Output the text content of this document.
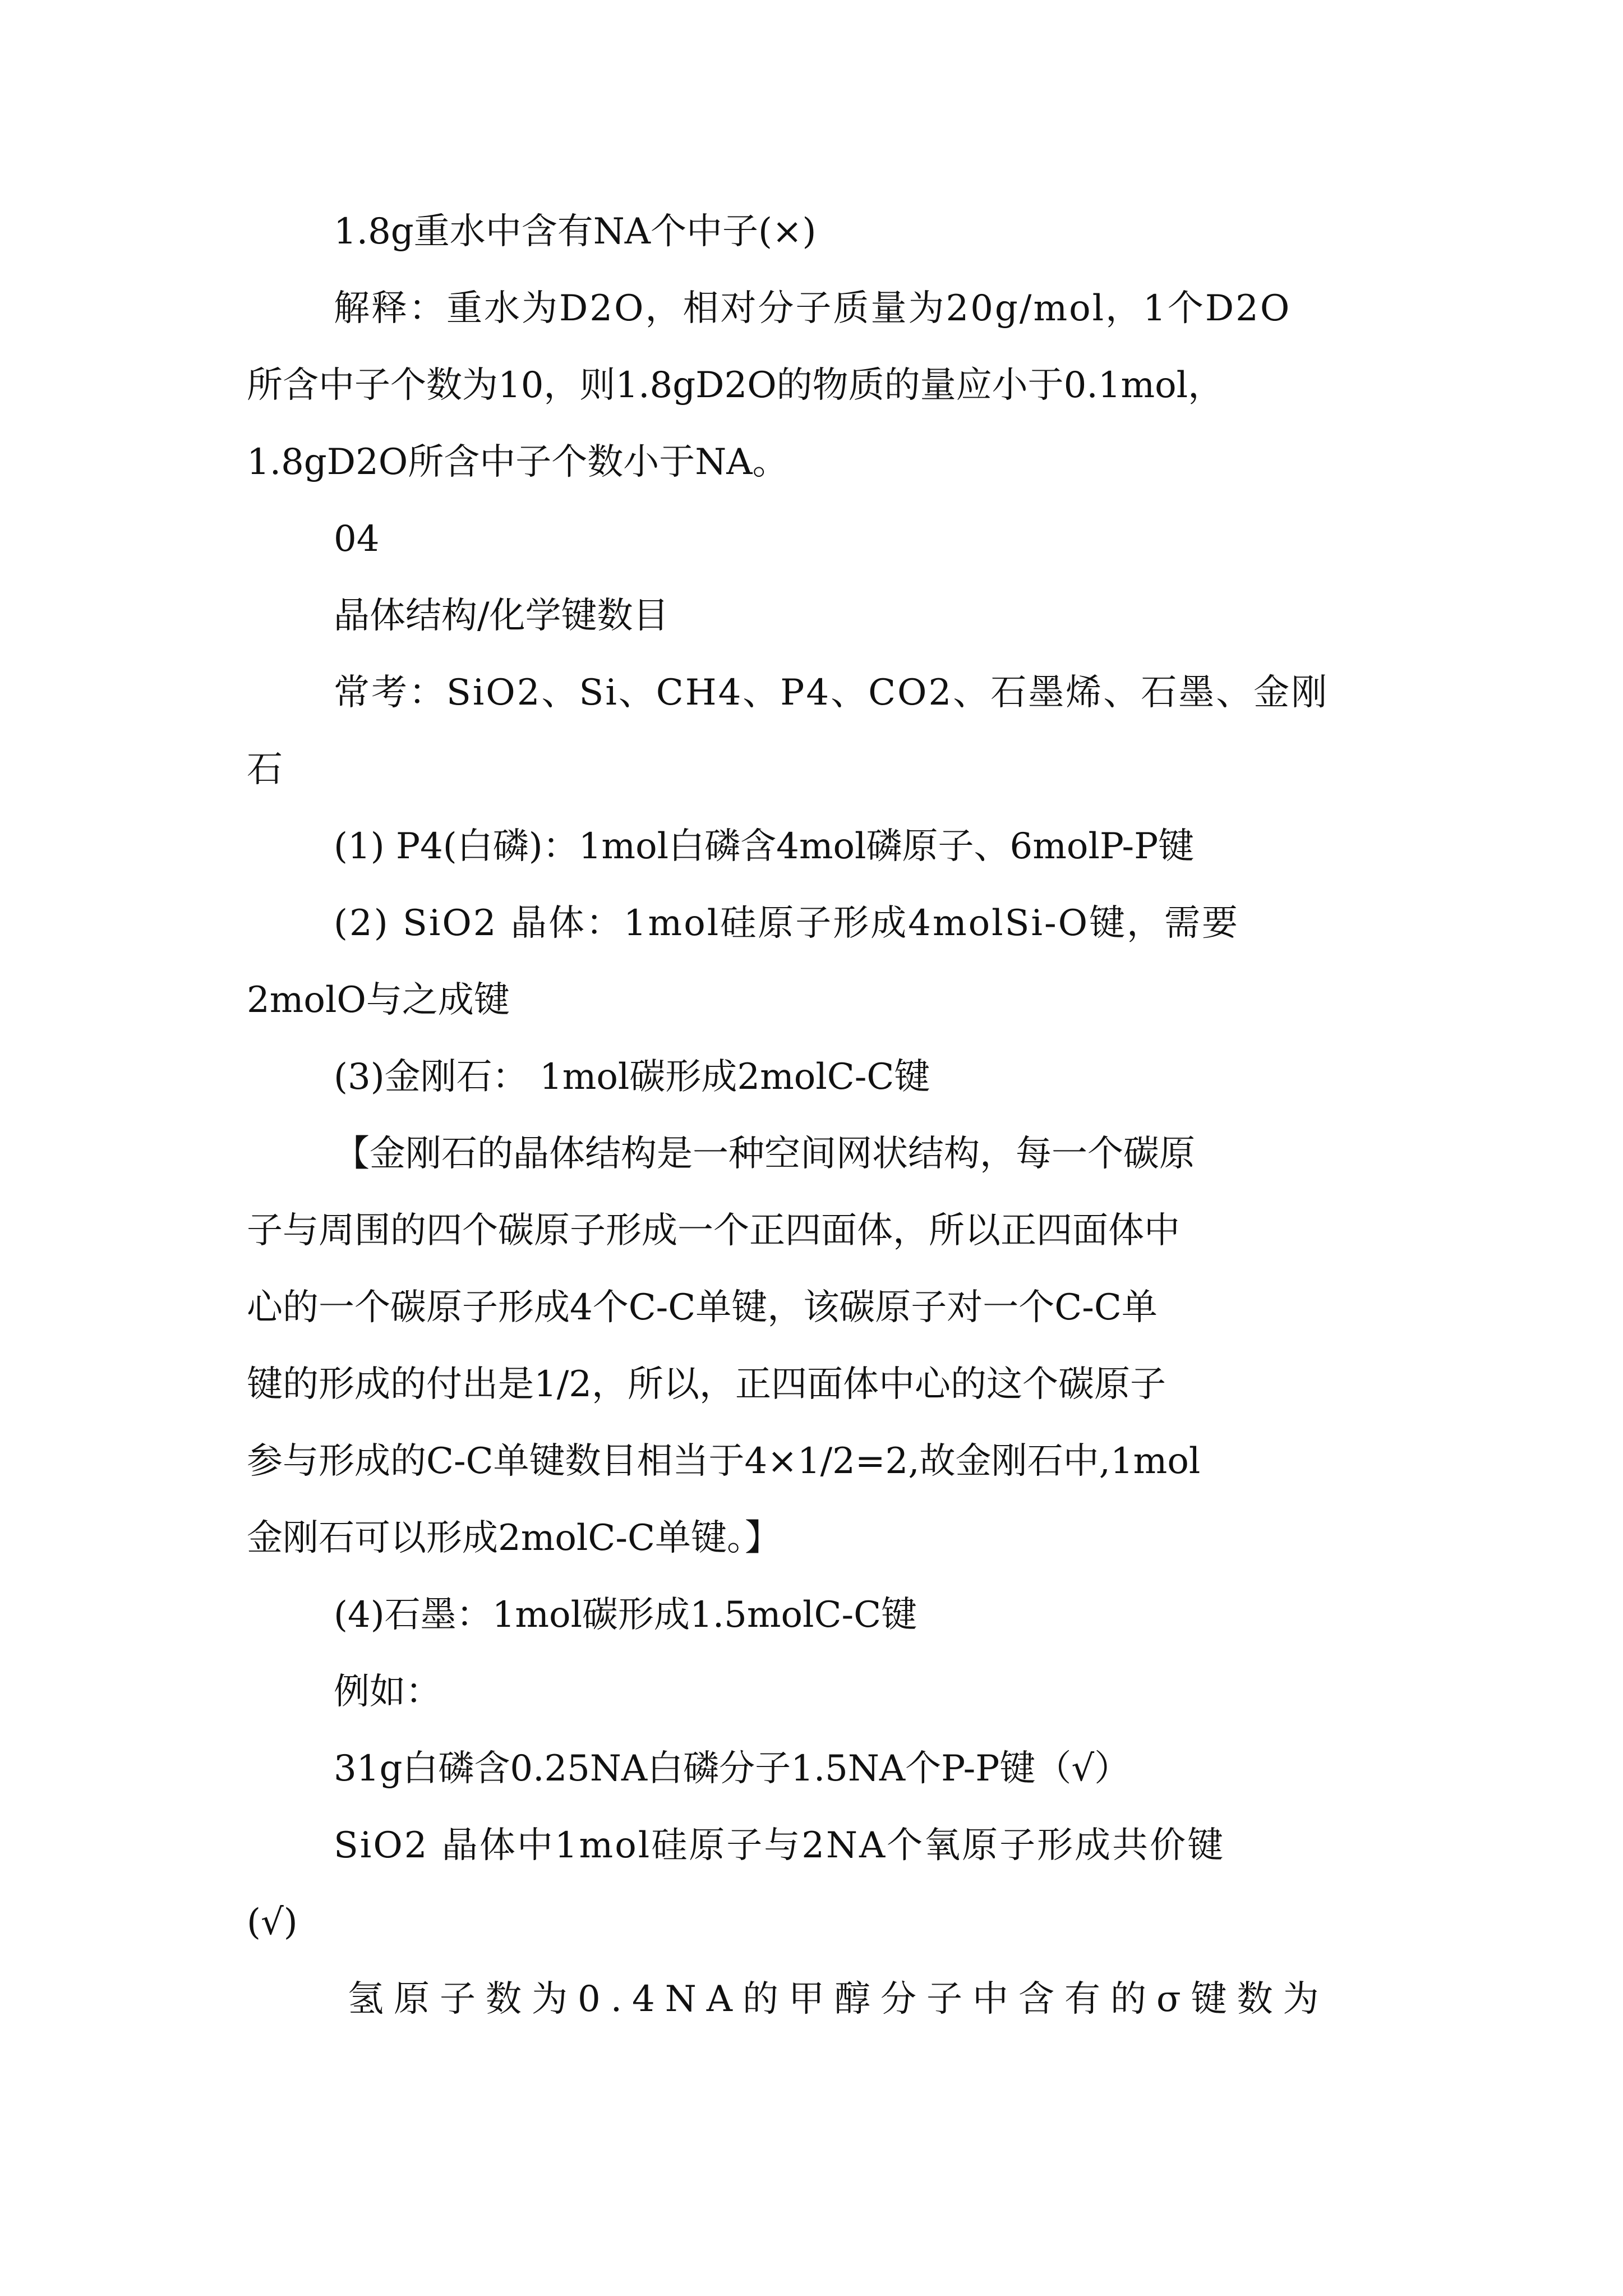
1.8g重水中含有NA个中子(×)
解释：重水为D2O，相对分子质量为20g/mol，1个D2O
所含中子个数为10，则1.8gD2O的物质的量应小于0.1mol，
1.8gD2O所含中子个数小于NA。
04
晶体结构/化学键数目
常考：SiO2、Si、CH4、P4、CO2、石墨烯、石墨、金刚
石
(1) P4(白磷)：1mol白磷含4mol磷原子、6molP-P键
(2) SiO2 晶体：1mol硅原子形成4molSi-O键，需要
2molO与之成键
(3)金刚石： 1mol碳形成2molC-C键
【金刚石的晶体结构是一种空间网状结构，每一个碳原
子与周围的四个碳原子形成一个正四面体，所以正四面体中
心的一个碳原子形成4个C-C单键，该碳原子对一个C-C单
键的形成的付出是1/2，所以，正四面体中心的这个碳原子
参与形成的C-C单键数目相当于4×1/2=2,故金刚石中,1mol
金刚石可以形成2molC-C单键。】
(4)石墨：1mol碳形成1.5molC-C键
例如：
31g白磷含0.25NA白磷分子1.5NA个P-P键（√）
SiO2 晶体中1mol硅原子与2NA个氧原子形成共价键
(√)
氢原子数为0.4NA的甲醇分子中含有的σ键数为
